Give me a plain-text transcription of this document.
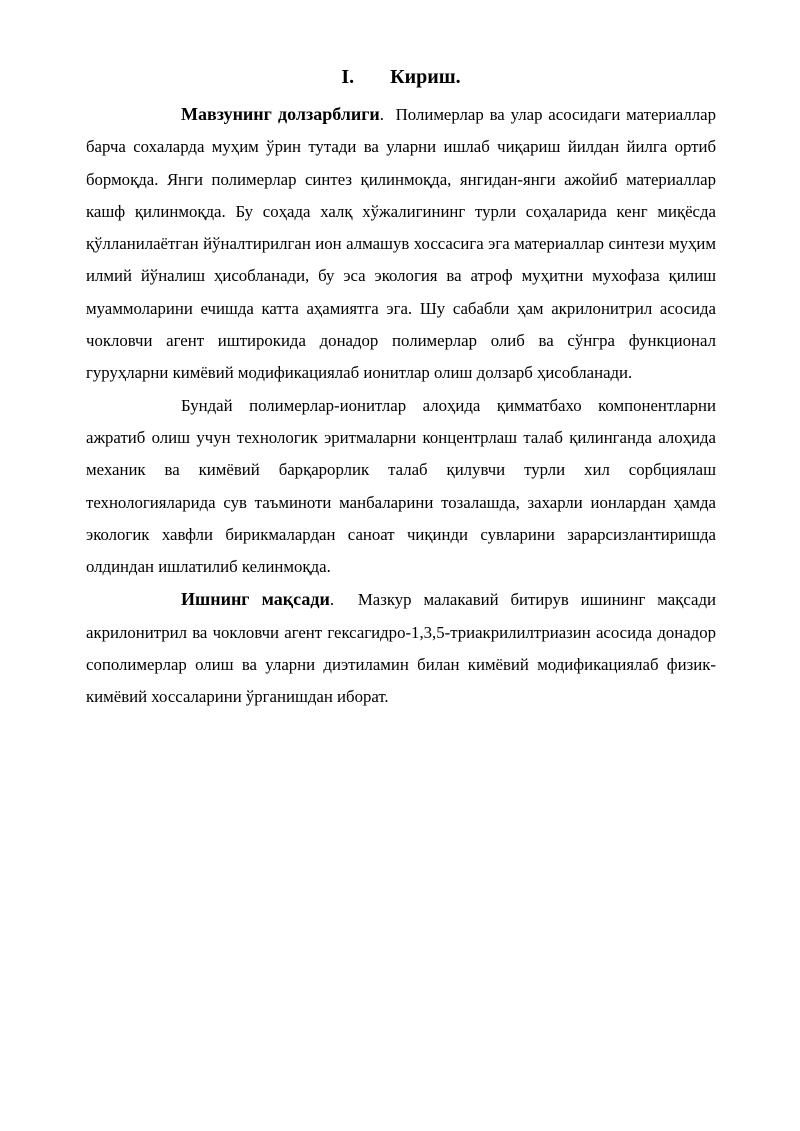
I. Кириш.

Мавзунинг долзарблиги. Полимерлар ва улар асосидаги материаллар барча сохаларда муҳим ўрин тутади ва уларни ишлаб чиқариш йилдан йилга ортиб бормоқда. Янги полимерлар синтез қилинмоқда, янгидан-янги ажойиб материаллар кашф қилинмоқда. Бу соҳада халқ хўжалигининг турли соҳаларида кенг миқёсда қўлланилаётган йўналтирилган ион алмашув хоссасига эга материаллар синтези муҳим илмий йўналиш ҳисобланади, бу эса экология ва атроф муҳитни мухофаза қилиш муаммоларини ечишда катта аҳамиятга эга. Шу сабабли ҳам акрилонитрил асосида чокловчи агент иштирокида донадор полимерлар олиб ва сўнгра функционал гуруҳларни кимёвий модификациялаб ионитлар олиш долзарб ҳисобланади.

Бундай полимерлар-ионитлар алоҳида қимматбахо компонентларни ажратиб олиш учун технологик эритмаларни концентрлаш талаб қилинганда алоҳида механик ва кимёвий барқарорлик талаб қилувчи турли хил сорбциялаш технологияларида сув таъминоти манбаларини тозалашда, захарли ионлардан ҳамда экологик хавфли бирикмалардан саноат чиқинди сувларини зарарсизлантиришда олдиндан ишлатилиб келинмоқда.

Ишнинг мақсади. Мазкур малакавий битирув ишининг мақсади акрилонитрил ва чокловчи агент гексагидро-1,3,5-триакрилилтриазин асосида донадор сополимерлар олиш ва уларни диэтиламин билан кимёвий модификациялаб физик-кимёвий хоссаларини ўрганишдан иборат.
